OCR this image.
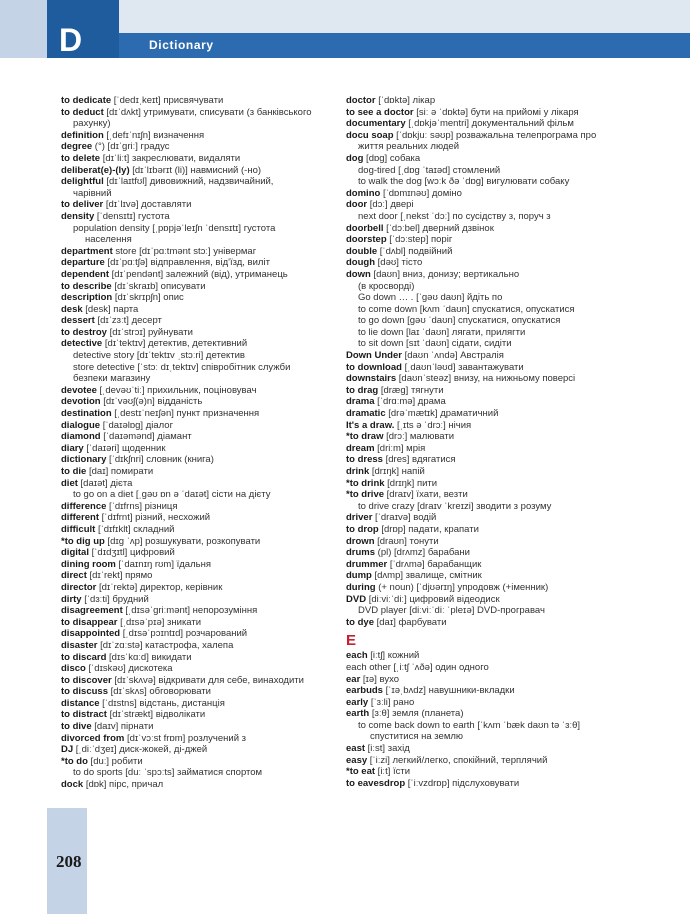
D	Dictionary
to dedicate [ˈdedɪˌkeɪt] присвячувати
to deduct [dɪˈdʌkt] утримувати, списувати (з банківського
рахунку)
definition [ˌdefɪˈnɪʃn] визначення
degree (°) [dɪˈgriː] градус
to delete [dɪˈliːt] закреслювати, видаляти
deliberat(e)-(ly) [dɪˈlɪbərɪt (li)] навмисний (-но)
delightful [dɪˈlaɪtfʊl] дивовижний, надзвичайний,
чарівний
to deliver [dɪˈlɪvə] доставляти
density [ˈdensɪtɪ] густота
population density [ˌpɒpjəˈleɪʃn ˈdensɪtɪ] густота
населення
department store [dɪˈpɑːtmənt stɔː] універмаг
departure [dɪˈpɑːtʃə] відправлення, від'їзд, виліт
dependent [dɪˈpendənt] залежний (від), утриманець
to describe [dɪˈskraɪb] описувати
description [dɪˈskrɪpʃn] опис
desk [desk] парта
dessert [dɪˈzɜːt] десерт
to destroy [dɪˈstrɔɪ] руйнувати
detective [dɪˈtektɪv] детектив, детективний
detective story [dɪˈtektɪv ˌstɔːri] детектив
store detective [ˈstɔː dɪˌtektɪv] співробітник служби
безпеки магазину
devotee [ˌdevəʊˈtiː] прихильник, поціновувач
devotion [dɪˈvəʊʃ(ə)n] відданість
destination [ˌdestɪˈneɪʃən] пункт призначення
dialogue [ˈdaɪəlɒg] діалог
diamond [ˈdaɪəmənd] діамант
diary [ˈdaɪəri] щоденник
dictionary [ˈdɪkʃnri] словник (книга)
to die [daɪ] помирати
diet [daɪət] дієта
to go on a diet [ˌgəʊ ɒn ə ˈdaɪət] сісти на дієту
difference [ˈdɪfrns] різниця
different [ˈdɪfrnt] різний, несхожий
difficult [ˈdɪfɪklt] складний
*to dig up [dɪg ˈʌp] розшукувати, розкопувати
digital [ˈdɪdʒɪtl] цифровий
dining room [ˈdaɪnɪŋ rʊm] їдальня
direct [dɪˈrekt] прямо
director [dɪˈrektə] директор, керівник
dirty [ˈdɜːti] брудний
disagreement [ˌdɪsəˈgriːmənt] непорозуміння
to disappear [ˌdɪsəˈpɪə] зникати
disappointed [ˌdɪsəˈpɔɪntɪd] розчарований
disaster [dɪˈzɑːstə] катастрофа, халепа
to discard [dɪsˈkɑːd] викидати
disco [ˈdɪskəʊ] дискотека
to discover [dɪˈskʌvə] відкривати для себе, винаходити
to discuss [dɪˈskʌs] обговорювати
distance [ˈdɪstns] відстань, дистанція
to distract [dɪˈstrækt] відволікати
to dive [daɪv] пірнати
divorced from [dɪˈvɔːst frɒm] розлучений з
DJ [ˌdiːˈdʒeɪ] диск-жокей, ді-джей
*to do [duː] робити
to do sports [duː ˈspɔːts] займатися спортом
dock [dɒk] пірс, причал
doctor [ˈdɒktə] лікар
to see a doctor [siː ə ˈdɒktə] бути на прийомі у лікаря
documentary [ˌdɒkjəˈmentri] документальний фільм
docu soap [ˈdɒkjuː səʊp] розважальна телепрограма про
життя реальних людей
dog [dɒg] собака
dog-tired [ˌdɒg ˈtaɪəd] стомлений
to walk the dog [wɔːk ðə ˈdɒg] вигулювати собаку
domino [ˈdɒmɪnəʊ] доміно
door [dɔː] двері
next door [ˌnekst ˈdɔː] по сусідству з, поруч з
doorbell [ˈdɔːbel] дверний дзвінок
doorstep [ˈdɔːstep] поріг
double [ˈdʌbl] подвійний
dough [dəʊ] тісто
down [daʊn] вниз, донизу; вертикально
(в кросворді)
Go down … . [ˈgəʊ daʊn] йдіть по
to come down [kʌm ˈdaʊn] спускатися, опускатися
to go down [gəʊ ˈdaʊn] спускатися, опускатися
to lie down [laɪ ˈdaʊn] лягати, прилягти
to sit down [sɪt ˈdaʊn] сідати, сидіти
Down Under [daʊn ˈʌndə] Австралія
to download [ˌdaʊnˈləʊd] завантажувати
downstairs [daʊnˈsteəz] внизу, на нижньому поверсі
to drag [dræg] тягнути
drama [ˈdrɑːmə] драма
dramatic [drəˈmætɪk] драматичний
It's a draw. [ˌɪts ə ˈdrɔː] нічия
*to draw [drɔː] малювати
dream [driːm] мрія
to dress [dres] вдягатися
drink [drɪŋk] напій
*to drink [drɪŋk] пити
*to drive [draɪv] їхати, везти
to drive crazy [draɪv ˈkreɪzi] зводити з розуму
driver [ˈdraɪvə] водій
to drop [drɒp] падати, крапати
drown [draʊn] тонути
drums (pl) [drʌmz] барабани
drummer [ˈdrʌmə] барабанщик
dump [dʌmp] звалище, смітник
during (+ noun) [ˈdjʊərɪŋ] упродовж (+іменник)
DVD [diːviːˈdiː] цифровий відеодиск
DVD player [diːviːˈdiː ˈpleɪə] DVD-програвач
to dye [daɪ] фарбувати
E
each [iːtʃ] кожний
each other [ˌiːtʃ ˈʌðə] один одного
ear [ɪə] вухо
earbuds [ˈɪəˌbʌdz] навушники-вкладки
early [ˈɜːli] рано
earth [ɜːθ] земля (планета)
to come back down to earth [ˈkʌm ˈbæk daʊn tə ˈɜːθ]
спуститися на землю
east [iːst] захід
easy [ˈiːzi] легкий/легко, спокійний, терплячий
*to eat [iːt] їсти
to eavesdrop [ˈiːvzdrɒp] підслуховувати
208
